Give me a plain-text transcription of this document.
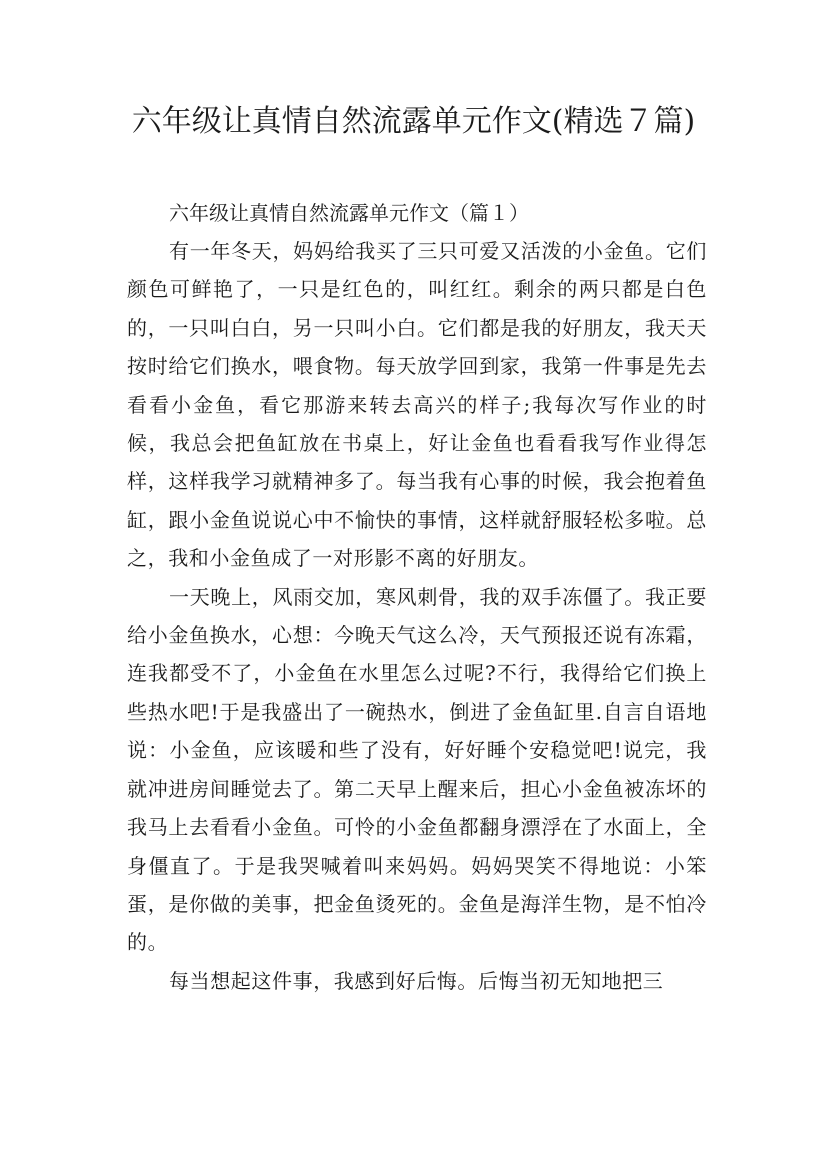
六年级让真情自然流露单元作文(精选７篇)
六年级让真情自然流露单元作文（篇１）

有一年冬天，妈妈给我买了三只可爱又活泼的小金鱼。它们颜色可鲜艳了，一只是红色的，叫红红。剩余的两只都是白色的，一只叫白白，另一只叫小白。它们都是我的好朋友，我天天按时给它们换水，喂食物。每天放学回到家，我第一件事是先去看看小金鱼，看它那游来转去高兴的样子;我每次写作业的时候，我总会把鱼缸放在书桌上，好让金鱼也看看我写作业得怎样，这样我学习就精神多了。每当我有心事的时候，我会抱着鱼缸，跟小金鱼说说心中不愉快的事情，这样就舒服轻松多啦。总之，我和小金鱼成了一对形影不离的好朋友。

一天晚上，风雨交加，寒风刺骨，我的双手冻僵了。我正要给小金鱼换水，心想：今晚天气这么冷，天气预报还说有冻霜，连我都受不了，小金鱼在水里怎么过呢?不行，我得给它们换上些热水吧!于是我盛出了一碗热水，倒进了金鱼缸里.自言自语地说：小金鱼，应该暖和些了没有，好好睡个安稳觉吧!说完，我就冲进房间睡觉去了。第二天早上醒来后，担心小金鱼被冻坏的我马上去看看小金鱼。可怜的小金鱼都翻身漂浮在了水面上，全身僵直了。于是我哭喊着叫来妈妈。妈妈哭笑不得地说：小笨蛋，是你做的美事，把金鱼烫死的。金鱼是海洋生物，是不怕冷的。

每当想起这件事，我感到好后悔。后悔当初无知地把三
